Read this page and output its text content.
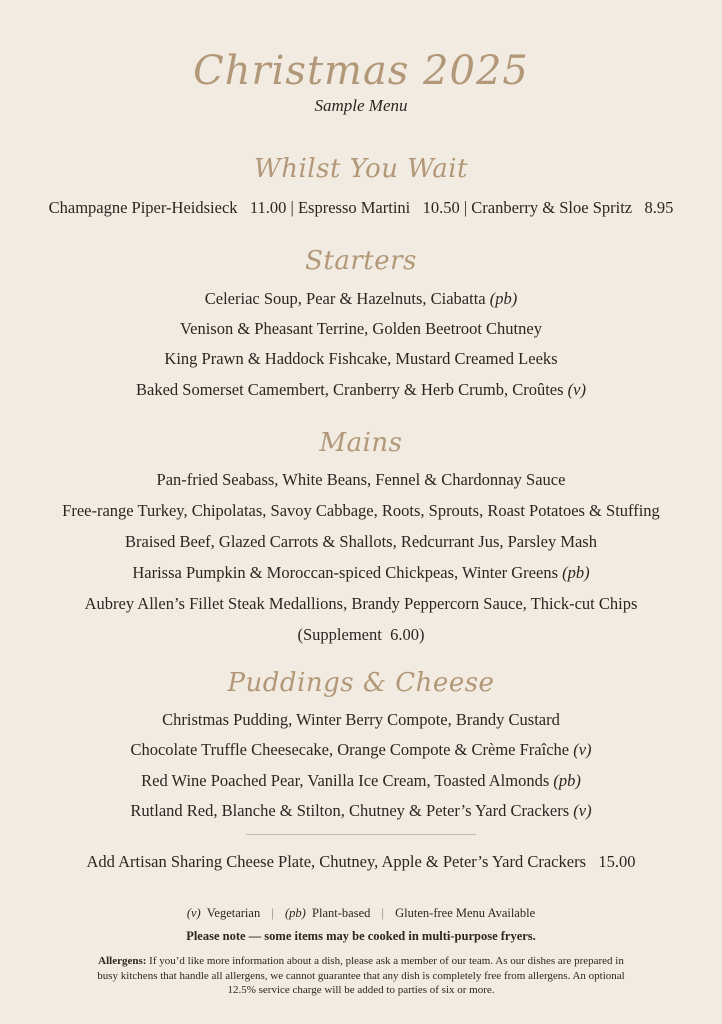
Christmas 2025
Sample Menu
Whilst You Wait
Champagne Piper-Heidsieck   11.00 | Espresso Martini   10.50 | Cranberry & Sloe Spritz   8.95
Starters
Celeriac Soup, Pear & Hazelnuts, Ciabatta (pb)
Venison & Pheasant Terrine, Golden Beetroot Chutney
King Prawn & Haddock Fishcake, Mustard Creamed Leeks
Baked Somerset Camembert, Cranberry & Herb Crumb, Croûtes (v)
Mains
Pan-fried Seabass, White Beans, Fennel & Chardonnay Sauce
Free-range Turkey, Chipolatas, Savoy Cabbage, Roots, Sprouts, Roast Potatoes & Stuffing
Braised Beef, Glazed Carrots & Shallots, Redcurrant Jus, Parsley Mash
Harissa Pumpkin & Moroccan-spiced Chickpeas, Winter Greens (pb)
Aubrey Allen’s Fillet Steak Medallions, Brandy Peppercorn Sauce, Thick-cut Chips
(Supplement  6.00)
Puddings & Cheese
Christmas Pudding, Winter Berry Compote, Brandy Custard
Chocolate Truffle Cheesecake, Orange Compote & Crème Fraîche (v)
Red Wine Poached Pear, Vanilla Ice Cream, Toasted Almonds (pb)
Rutland Red, Blanche & Stilton, Chutney & Peter’s Yard Crackers (v)
Add Artisan Sharing Cheese Plate, Chutney, Apple & Peter’s Yard Crackers   15.00
(v) Vegetarian | (pb) Plant-based | Gluten-free Menu Available
Please note — some items may be cooked in multi-purpose fryers.
Allergens: If you’d like more information about a dish, please ask a member of our team. As our dishes are prepared in busy kitchens that handle all allergens, we cannot guarantee that any dish is completely free from allergens. An optional 12.5% service charge will be added to parties of six or more.
